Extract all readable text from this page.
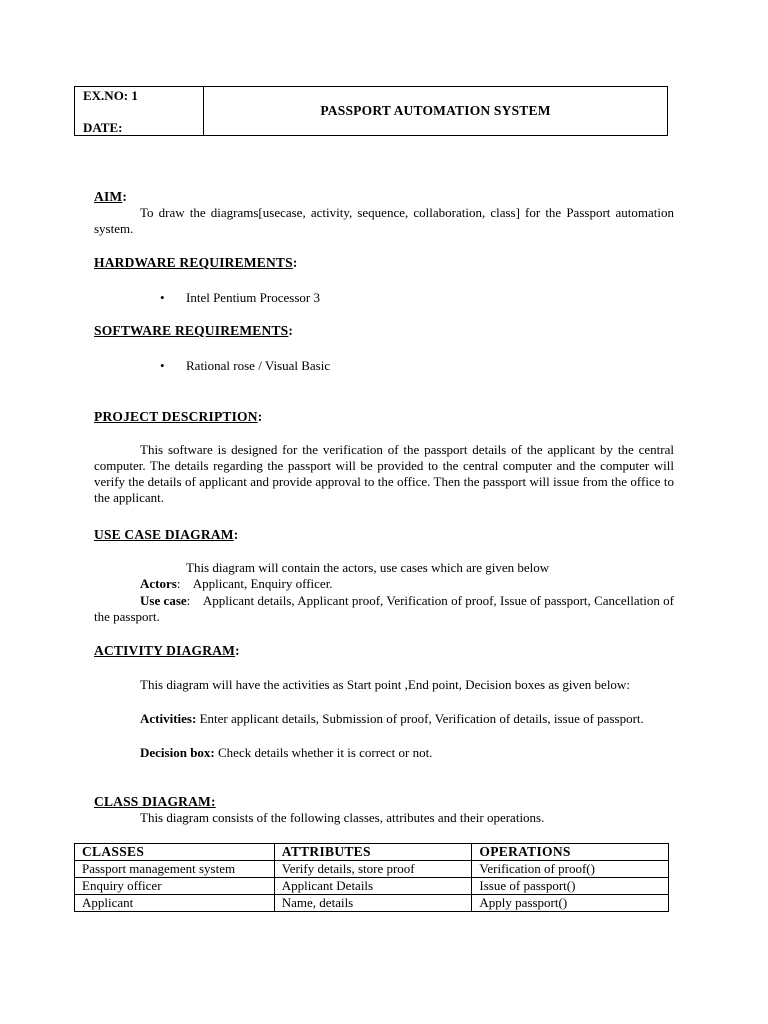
EX.NO: 1
DATE:
PASSPORT AUTOMATION SYSTEM
AIM:
To draw the diagrams[usecase, activity, sequence, collaboration, class] for the Passport automation system.
HARDWARE REQUIREMENTS:
• Intel Pentium Processor 3
SOFTWARE REQUIREMENTS:
• Rational rose / Visual Basic
PROJECT DESCRIPTION:
This software is designed for the verification of the passport details of the applicant by the central computer. The details regarding the passport will be provided to the central computer and the computer will verify the details of applicant and provide approval to the office. Then the passport will issue from the office to the applicant.
USE CASE DIAGRAM:
This diagram will contain the actors, use cases which are given below
Actors:    Applicant, Enquiry officer.
Use case:    Applicant details, Applicant proof, Verification of proof, Issue of passport, Cancellation of the passport.
ACTIVITY DIAGRAM:
This diagram will have the activities as Start point ,End point, Decision boxes as given below:
Activities: Enter applicant details, Submission of proof, Verification of details, issue of passport.
Decision box: Check details whether it is correct or not.
CLASS DIAGRAM:
This diagram consists of the following classes, attributes and their operations.
CLASSES	ATTRIBUTES	OPERATIONS
Passport management system	Verify details, store proof	Verification of proof()
Enquiry officer	Applicant Details	Issue of passport()
Applicant	Name, details	Apply passport()
